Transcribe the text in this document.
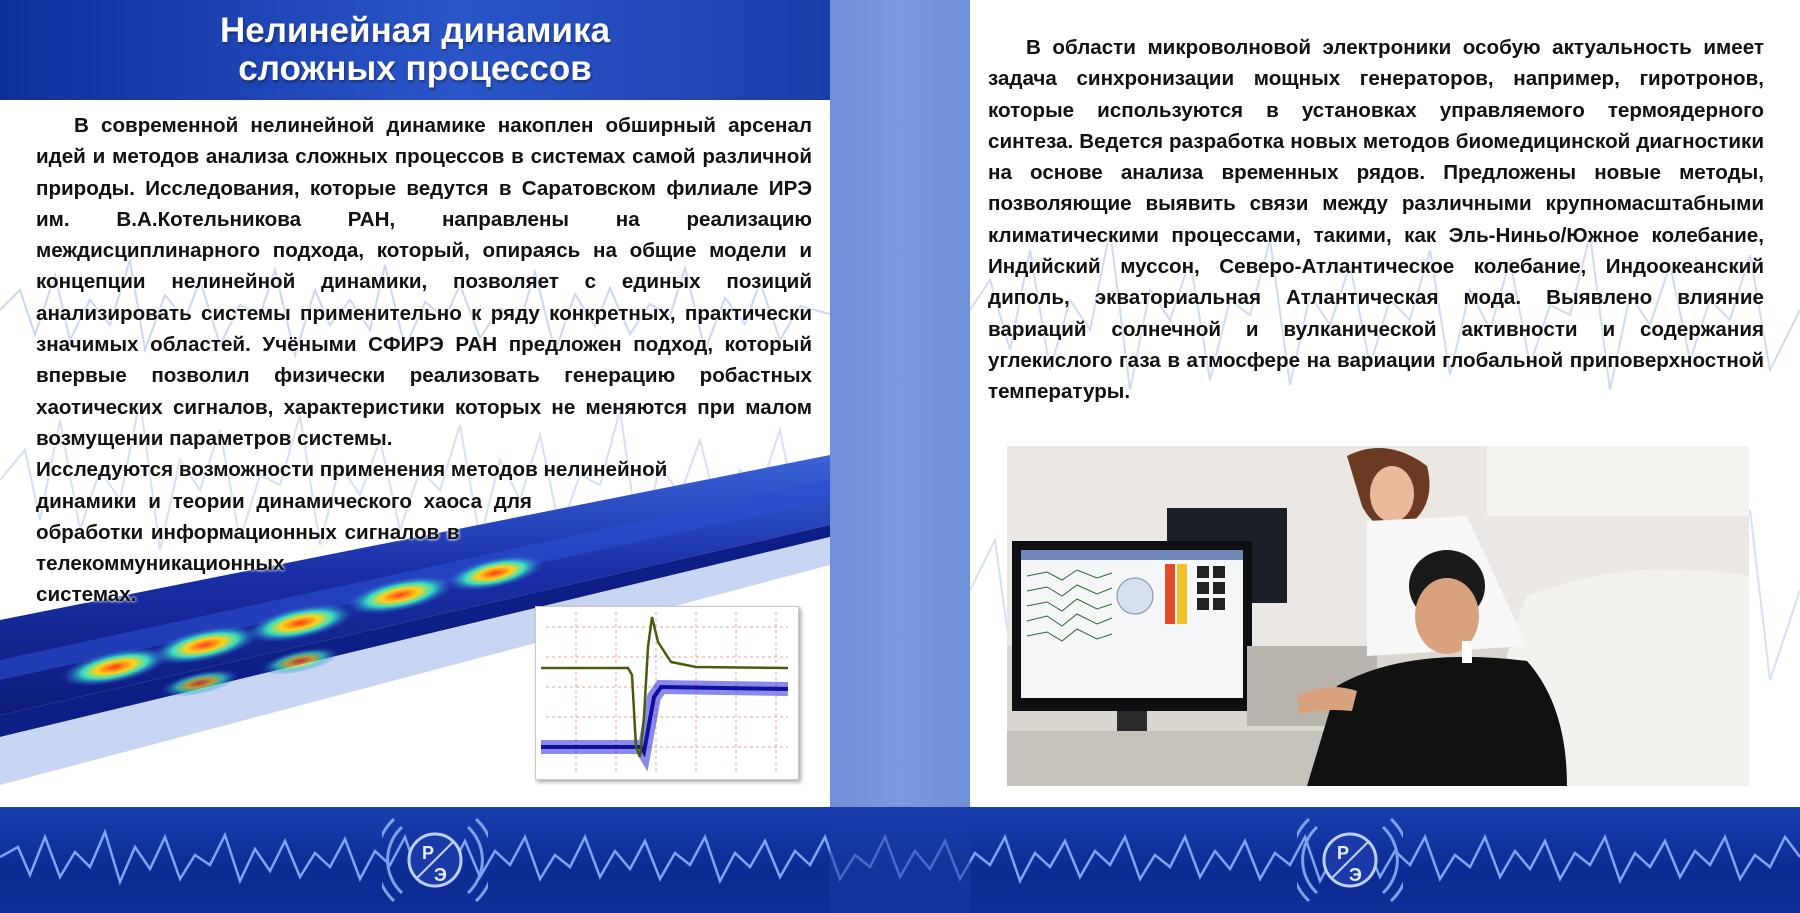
Нелинейная динамика
сложных процессов
В современной нелинейной динамике накоплен обширный арсенал идей и методов анализа сложных процессов в системах самой различной природы. Исследования, которые ведутся в Саратовском филиале ИРЭ им. В.А.Котельникова РАН, направлены на реализацию междисциплинарного подхода, который, опираясь на общие модели и концепции нелинейной динамики, позволяет с единых позиций анализировать системы применительно к ряду конкретных, практически значимых областей. Учёными СФИРЭ РАН предложен подход, который впервые позволил физически реализовать генерацию робастных хаотических сигналов, характеристики которых не меняются при малом возмущении параметров системы.
Исследуются возможности применения методов нелинейной
динамики и теории динамического хаоса для
обработки информационных сигналов в
телекоммуникационных
системах.
В области микроволновой электроники особую актуальность имеет задача синхронизации мощных генераторов, например, гиротронов, которые используются в установках управляемого термоядерного синтеза. Ведется разработка новых методов биомедицинской диагностики на основе анализа временных рядов. Предложены новые методы, позволяющие выявить связи между различными крупномасштабными климатическими процессами, такими, как Эль-Ниньо/Южное колебание, Индийский муссон, Северо-Атлантическое колебание, Индоокеанский диполь, экваториальная Атлантическая мода. Выявлено влияние вариаций солнечной и вулканической активности и содержания углекислого газа в атмосфере на вариации глобальной приповерхностной температуры.
Р
Э
Р
Э
